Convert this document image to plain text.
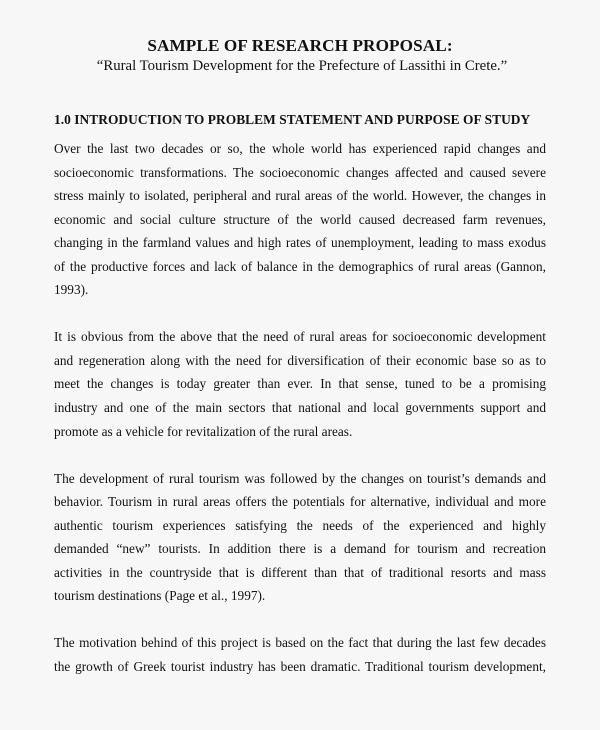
SAMPLE OF RESEARCH PROPOSAL:

“Rural Tourism Development for the Prefecture of Lassithi in Crete.”

1.0 INTRODUCTION TO PROBLEM STATEMENT AND PURPOSE OF STUDY
Over the last two decades or so, the whole world has experienced rapid changes and
socioeconomic transformations. The socioeconomic changes affected and caused severe
stress mainly to isolated, peripheral and rural areas of the world. However, the changes in
economic and social culture structure of the world caused decreased farm revenues,
changing in the farmland values and high rates of unemployment, leading to mass exodus
of the productive forces and lack of balance in the demographics of rural areas (Gannon,
1993).
It is obvious from the above that the need of rural areas for socioeconomic development
and regeneration along with the need for diversification of their economic base so as to
meet the changes is today greater than ever. In that sense, tuned to be a promising
industry and one of the main sectors that national and local governments support and
promote as a vehicle for revitalization of the rural areas.
The development of rural tourism was followed by the changes on tourist’s demands and
behavior. Tourism in rural areas offers the potentials for alternative, individual and more
authentic tourism experiences satisfying the needs of the experienced and highly
demanded “new” tourists. In addition there is a demand for tourism and recreation
activities in the countryside that is different than that of traditional resorts and mass
tourism destinations (Page et al., 1997).
The motivation behind of this project is based on the fact that during the last few decades
the growth of Greek tourist industry has been dramatic. Traditional tourism development,
